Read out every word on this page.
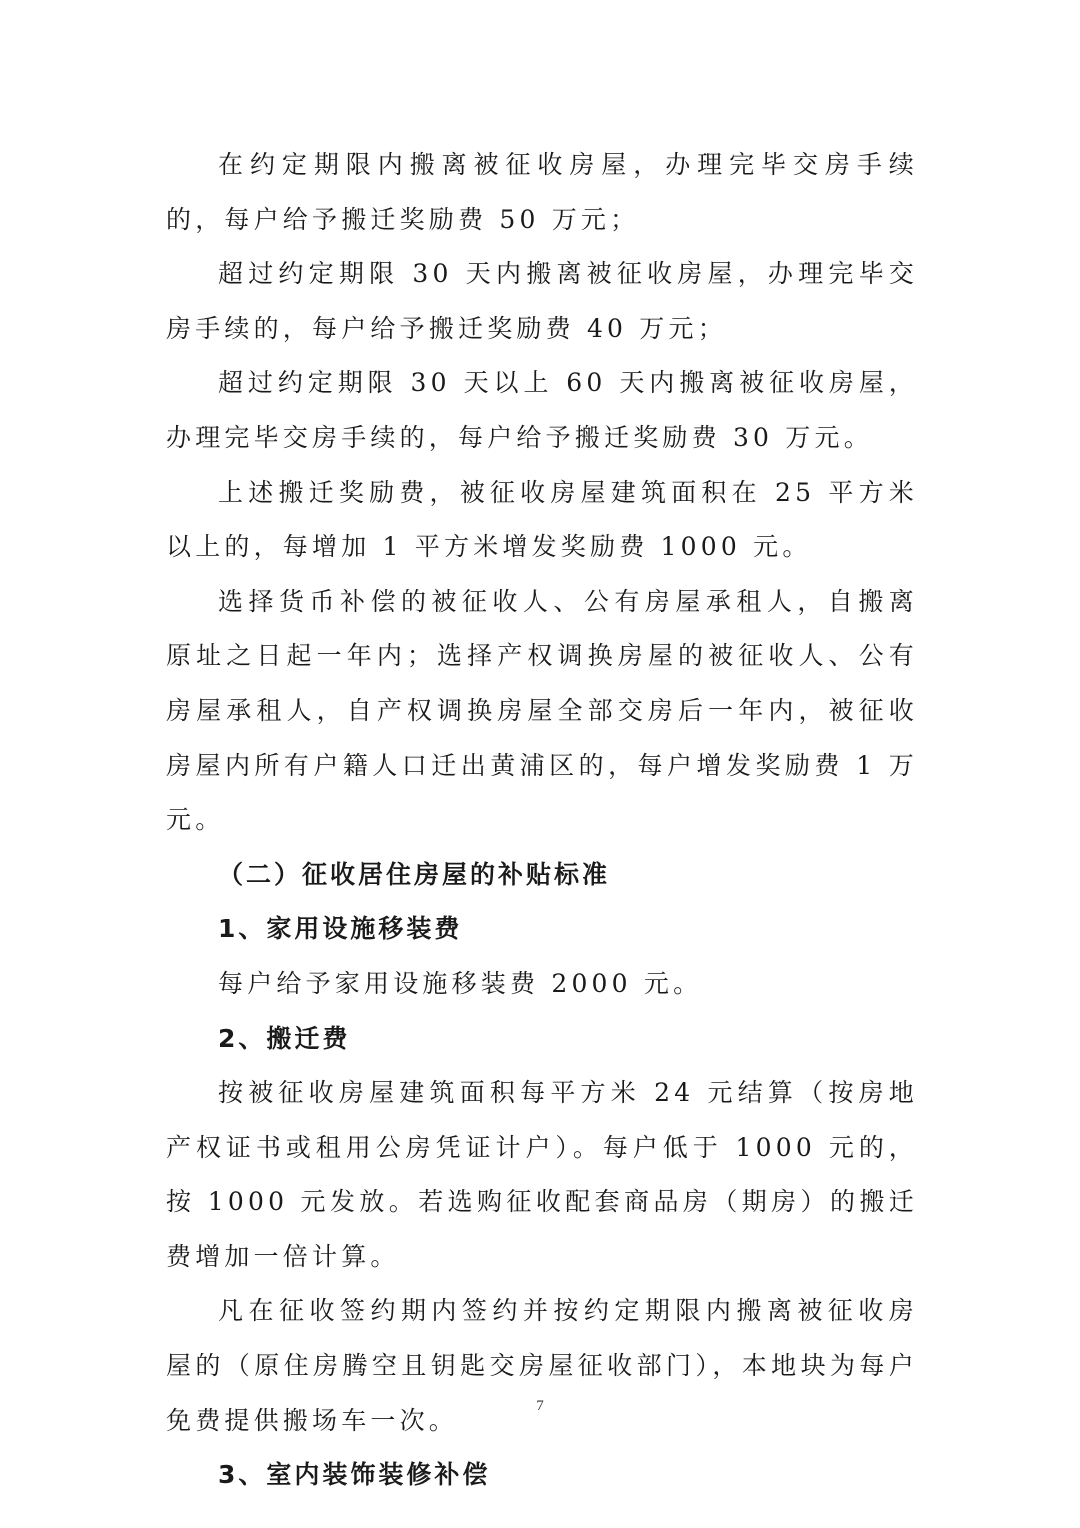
在约定期限内搬离被征收房屋，办理完毕交房手续的，每户给予搬迁奖励费 50 万元；

超过约定期限 30 天内搬离被征收房屋，办理完毕交房手续的，每户给予搬迁奖励费 40 万元；

超过约定期限 30 天以上 60 天内搬离被征收房屋，办理完毕交房手续的，每户给予搬迁奖励费 30 万元。

上述搬迁奖励费，被征收房屋建筑面积在 25 平方米以上的，每增加 1 平方米增发奖励费 1000 元。

选择货币补偿的被征收人、公有房屋承租人，自搬离原址之日起一年内；选择产权调换房屋的被征收人、公有房屋承租人，自产权调换房屋全部交房后一年内，被征收房屋内所有户籍人口迁出黄浦区的，每户增发奖励费 1 万元。

（二）征收居住房屋的补贴标准

1、家用设施移装费

每户给予家用设施移装费 2000 元。

2、搬迁费

按被征收房屋建筑面积每平方米 24 元结算（按房地产权证书或租用公房凭证计户）。每户低于 1000 元的，按 1000 元发放。若选购征收配套商品房（期房）的搬迁费增加一倍计算。

凡在征收签约期内签约并按约定期限内搬离被征收房屋的（原住房腾空且钥匙交房屋征收部门），本地块为每户免费提供搬场车一次。

3、室内装饰装修补偿

7
